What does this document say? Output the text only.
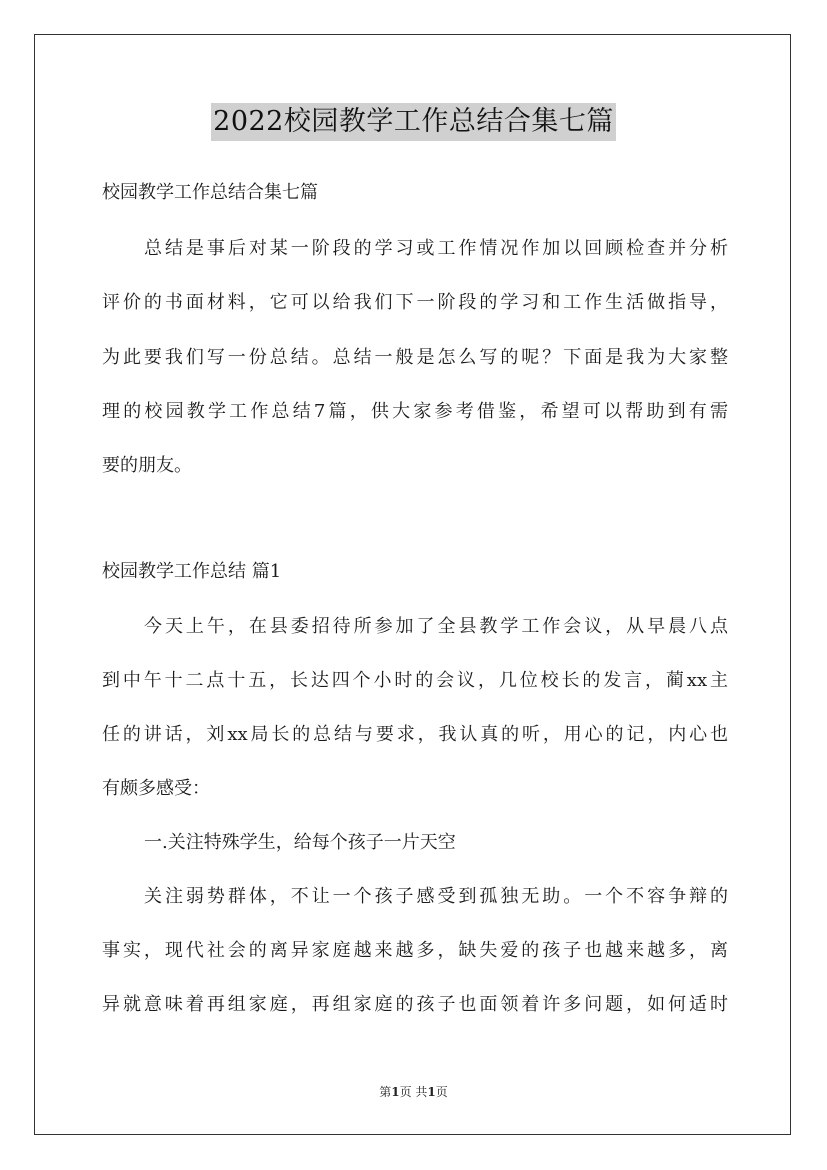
2022校园教学工作总结合集七篇
校园教学工作总结合集七篇
总结是事后对某一阶段的学习或工作情况作加以回顾检查并分析
评价的书面材料，它可以给我们下一阶段的学习和工作生活做指导，
为此要我们写一份总结。总结一般是怎么写的呢？下面是我为大家整
理的校园教学工作总结7篇，供大家参考借鉴，希望可以帮助到有需
要的朋友。
校园教学工作总结 篇1
今天上午，在县委招待所参加了全县教学工作会议，从早晨八点
到中午十二点十五，长达四个小时的会议，几位校长的发言，蔺xx主
任的讲话，刘xx局长的总结与要求，我认真的听，用心的记，内心也
有颇多感受：
一.关注特殊学生，给每个孩子一片天空
关注弱势群体，不让一个孩子感受到孤独无助。一个不容争辩的
事实，现代社会的离异家庭越来越多，缺失爱的孩子也越来越多，离
异就意味着再组家庭，再组家庭的孩子也面领着许多问题，如何适时
第1页 共1页
